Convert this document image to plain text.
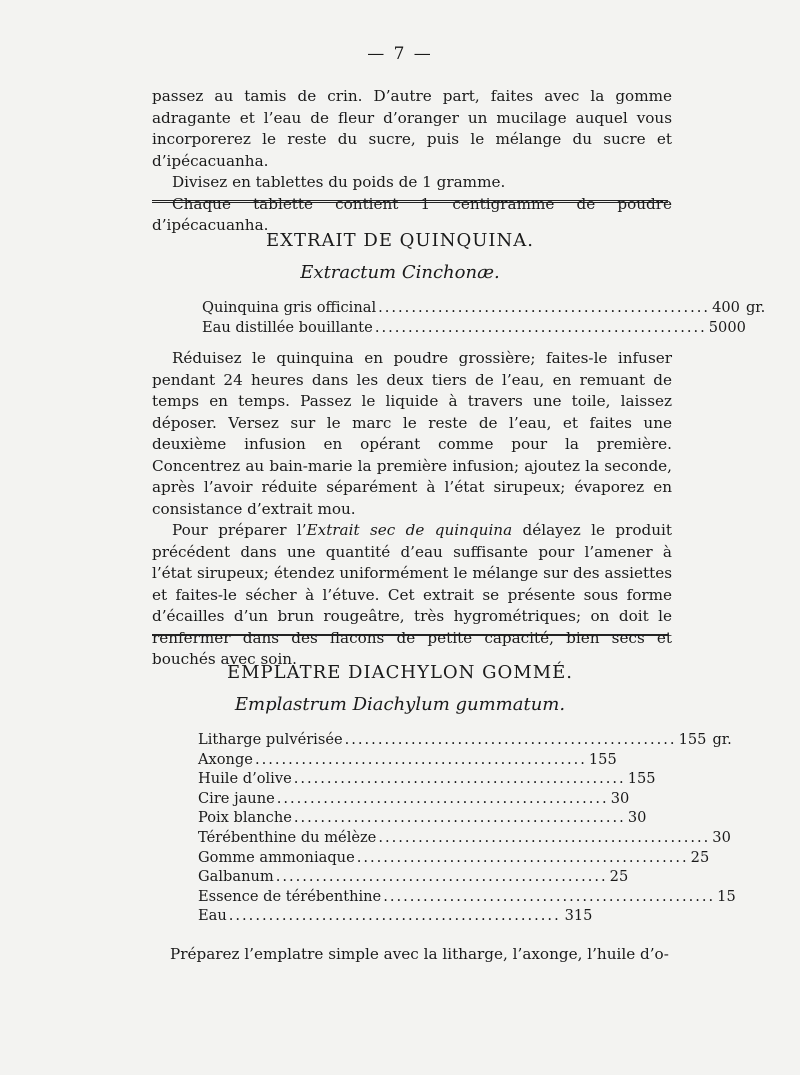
— 7 —

passez au tamis de crin. D’autre part, faites avec la gomme adragante et l’eau de fleur d’oranger un mucilage auquel vous incorporerez le reste du sucre, puis le mélange du sucre et d’ipécacuanha.

Divisez en tablettes du poids de 1 gramme.

Chaque tablette contient 1 centigramme de poudre d’ipécacuanha.

EXTRAIT DE QUINQUINA.
Extractum Cinchonæ.
Quinquina gris officinal .................................................. 400 gr.
Eau distillée bouillante .................................................. 5000

Réduisez le quinquina en poudre grossière; faites-le infuser pendant 24 heures dans les deux tiers de l’eau, en remuant de temps en temps. Passez le liquide à travers une toile, laissez déposer. Versez sur le marc le reste de l’eau, et faites une deuxième infusion en opérant comme pour la première. Concentrez au bain-marie la première infusion; ajoutez la seconde, après l’avoir réduite séparément à l’état sirupeux; évaporez en consistance d’extrait mou.

Pour préparer l’Extrait sec de quinquina délayez le produit précédent dans une quantité d’eau suffisante pour l’amener à l’état sirupeux; étendez uniformément le mélange sur des assiettes et faites-le sécher à l’étuve. Cet extrait se présente sous forme d’écailles d’un brun rougeâtre, très hygrométriques; on doit le renfermer dans des flacons de petite capacité, bien secs et bouchés avec soin.

EMPLATRE DIACHYLON GOMMÉ.
Emplastrum Diachylum gummatum.
Litharge pulvérisée .................................................. 155 gr.
Axonge .................................................. 155
Huile d’olive .................................................. 155
Cire jaune .................................................. 30
Poix blanche .................................................. 30
Térébenthine du mélèze .................................................. 30
Gomme ammoniaque .................................................. 25
Galbanum .................................................. 25
Essence de térébenthine .................................................. 15
Eau .................................................. 315

Préparez l’emplatre simple avec la litharge, l’axonge, l’huile d’o-
